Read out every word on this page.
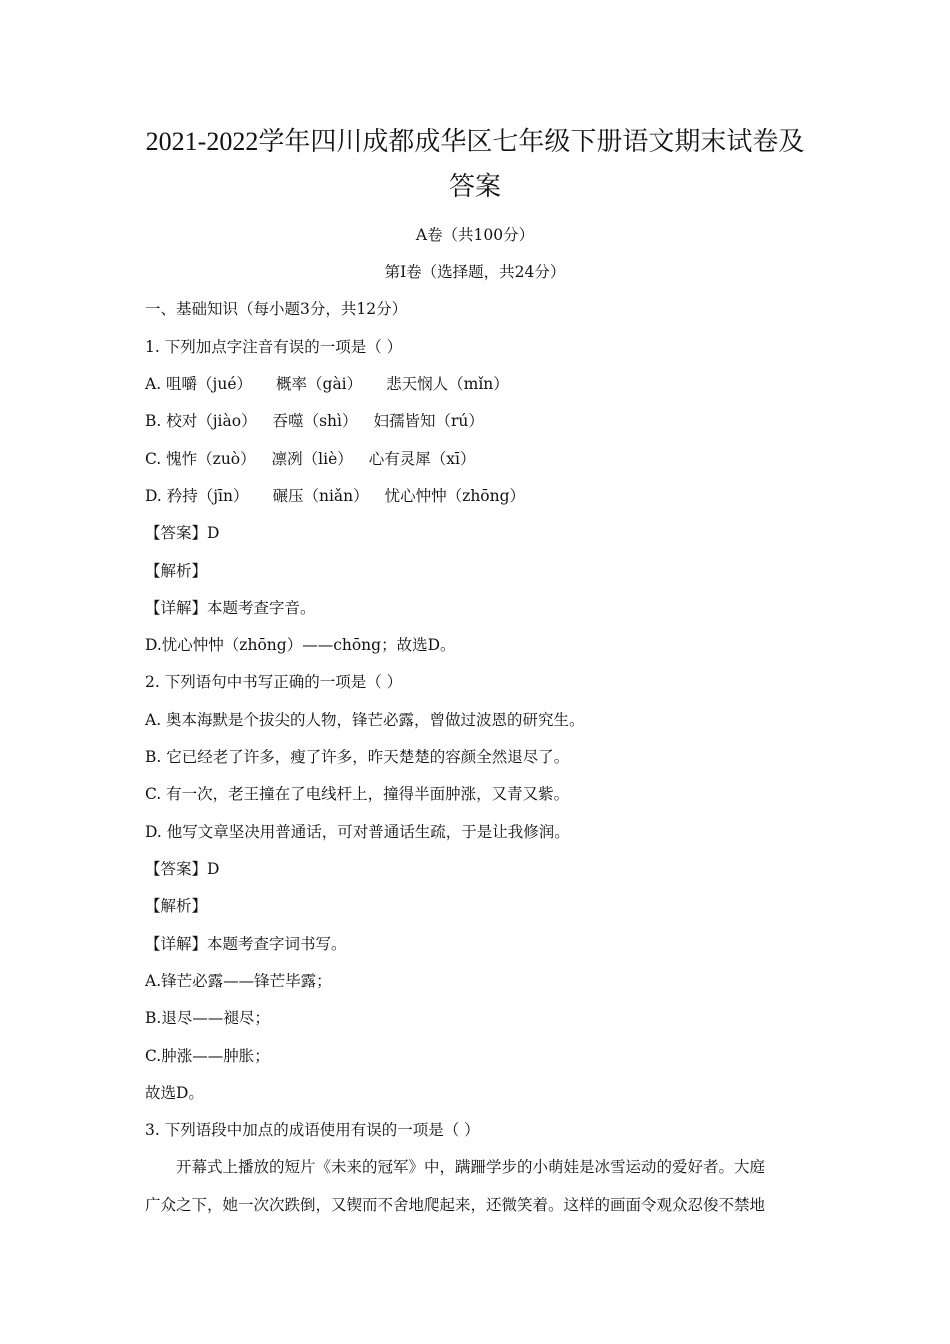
2021-2022学年四川成都成华区七年级下册语文期末试卷及
答案
A卷（共100分）
第Ⅰ卷（选择题，共24分）
一、基础知识（每小题3分，共12分）
1. 下列加点字注音有误的一项是（ ）
A. 咀嚼（jué） 概率（gài） 悲天悯人（mǐn）
B. 校对（jiào） 吞噬（shì） 妇孺皆知（rú）
C. 愧怍（zuò） 凛冽（liè） 心有灵犀（xī）
D. 矜持（jīn） 碾压（niǎn） 忧心忡忡（zhōng）
【答案】D
【解析】
【详解】本题考查字音。
D.忧心忡忡（zhōng）——chōng；故选D。
2. 下列语句中书写正确的一项是（ ）
A. 奥本海默是个拔尖的人物，锋芒必露，曾做过波恩的研究生。
B. 它已经老了许多，瘦了许多，昨天楚楚的容颜全然退尽了。
C. 有一次，老王撞在了电线杆上，撞得半面肿涨，又青又紫。
D. 他写文章坚决用普通话，可对普通话生疏，于是让我修润。
【答案】D
【解析】
【详解】本题考查字词书写。
A.锋芒必露——锋芒毕露；
B.退尽——褪尽；
C.肿涨——肿胀；
故选D。
3. 下列语段中加点的成语使用有误的一项是（ ）
开幕式上播放的短片《未来的冠军》中，蹒跚学步的小萌娃是冰雪运动的爱好者。大庭
广众之下，她一次次跌倒，又锲而不舍地爬起来，还微笑着。这样的画面令观众忍俊不禁地
